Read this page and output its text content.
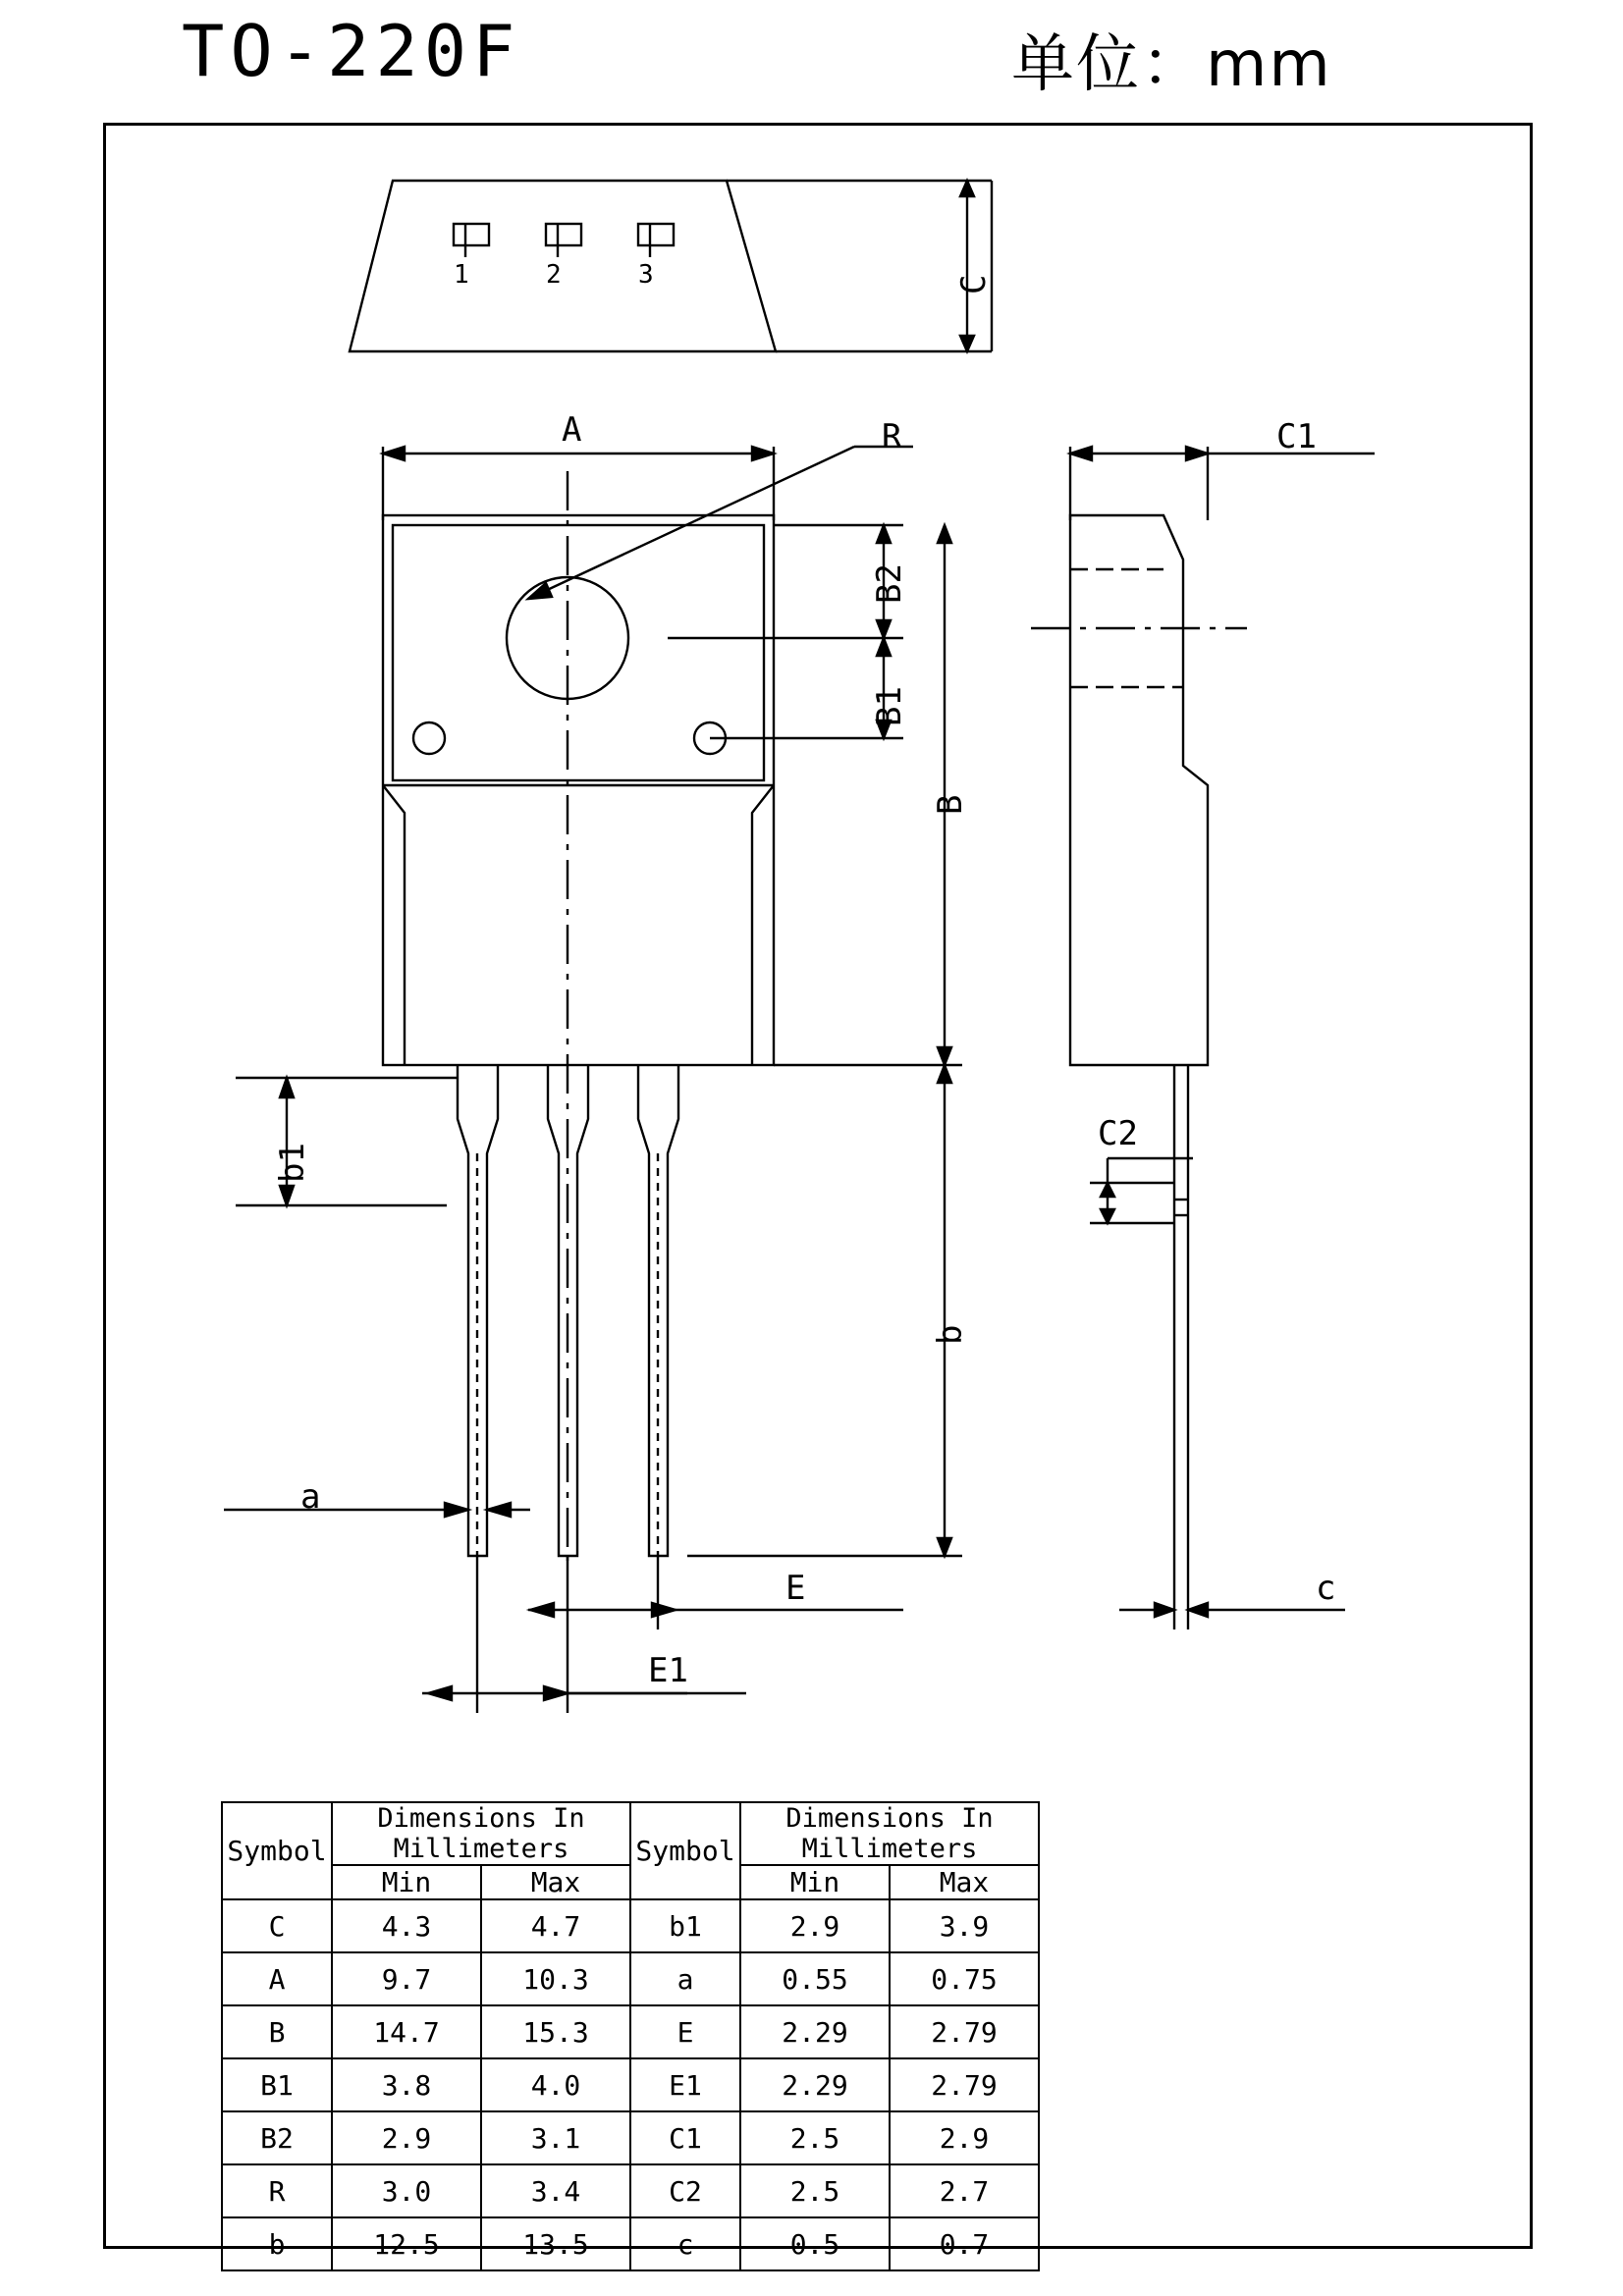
TO-220F	单位：mm
1	2	3	C
A	R	C1
B2
B1
B
b1
b
C2
a
E
E1
c
Symbol	Dimensions In Millimeters		Symbol	Dimensions In Millimeters	
	Min	Max		Min	Max
C	4.3	4.7	b1	2.9	3.9
A	9.7	10.3	a	0.55	0.75
B	14.7	15.3	E	2.29	2.79
B1	3.8	4.0	E1	2.29	2.79
B2	2.9	3.1	C1	2.5	2.9
R	3.0	3.4	C2	2.5	2.7
b	12.5	13.5	c	0.5	0.7
